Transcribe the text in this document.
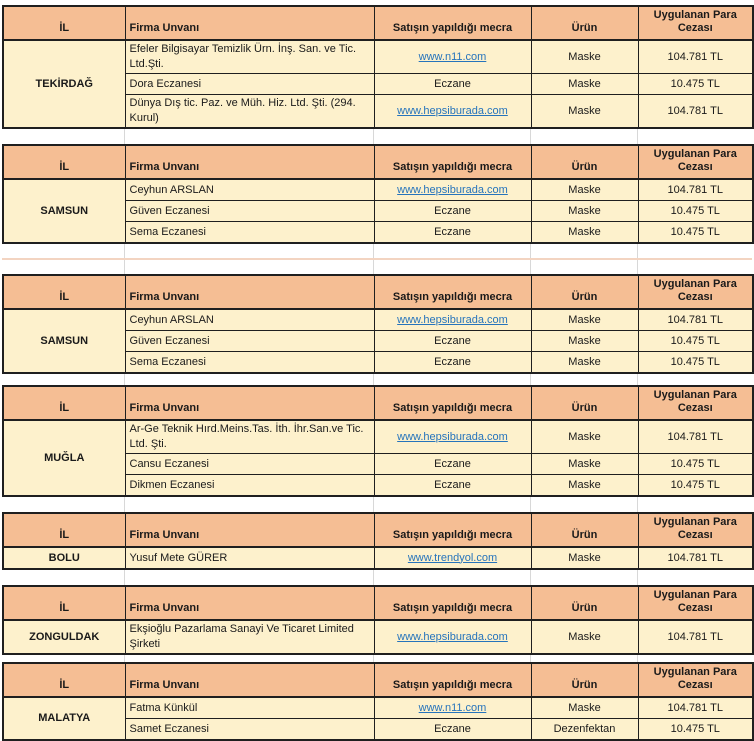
İL	Firma Unvanı	Satışın yapıldığı mecra	Ürün	Uygulanan Para Cezası
TEKİRDAĞ	Efeler Bilgisayar Temizlik Ürn. İnş. San. ve Tic. Ltd.Şti.	www.n11.com	Maske	104.781 TL
	Dora Eczanesi	Eczane	Maske	10.475 TL
	Dünya Dış tic. Paz. ve Müh. Hiz. Ltd. Şti. (294. Kurul)	www.hepsiburada.com	Maske	104.781 TL
İL	Firma Unvanı	Satışın yapıldığı mecra	Ürün	Uygulanan Para Cezası
SAMSUN	Ceyhun ARSLAN	www.hepsiburada.com	Maske	104.781 TL
	Güven Eczanesi	Eczane	Maske	10.475 TL
	Sema Eczanesi	Eczane	Maske	10.475 TL
İL	Firma Unvanı	Satışın yapıldığı mecra	Ürün	Uygulanan Para Cezası
SAMSUN	Ceyhun ARSLAN	www.hepsiburada.com	Maske	104.781 TL
	Güven Eczanesi	Eczane	Maske	10.475 TL
	Sema Eczanesi	Eczane	Maske	10.475 TL
İL	Firma Unvanı	Satışın yapıldığı mecra	Ürün	Uygulanan Para Cezası
MUĞLA	Ar-Ge Teknik Hırd.Meins.Tas. İth. İhr.San.ve Tic. Ltd. Şti.	www.hepsiburada.com	Maske	104.781 TL
	Cansu Eczanesi	Eczane	Maske	10.475 TL
	Dikmen Eczanesi	Eczane	Maske	10.475 TL
İL	Firma Unvanı	Satışın yapıldığı mecra	Ürün	Uygulanan Para Cezası
BOLU	Yusuf Mete GÜRER	www.trendyol.com	Maske	104.781 TL
İL	Firma Unvanı	Satışın yapıldığı mecra	Ürün	Uygulanan Para Cezası
ZONGULDAK	Ekşioğlu Pazarlama Sanayi Ve Ticaret Limited Şirketi	www.hepsiburada.com	Maske	104.781 TL
İL	Firma Unvanı	Satışın yapıldığı mecra	Ürün	Uygulanan Para Cezası
MALATYA	Fatma Künkül	www.n11.com	Maske	104.781 TL
	Samet Eczanesi	Eczane	Dezenfektan	10.475 TL
